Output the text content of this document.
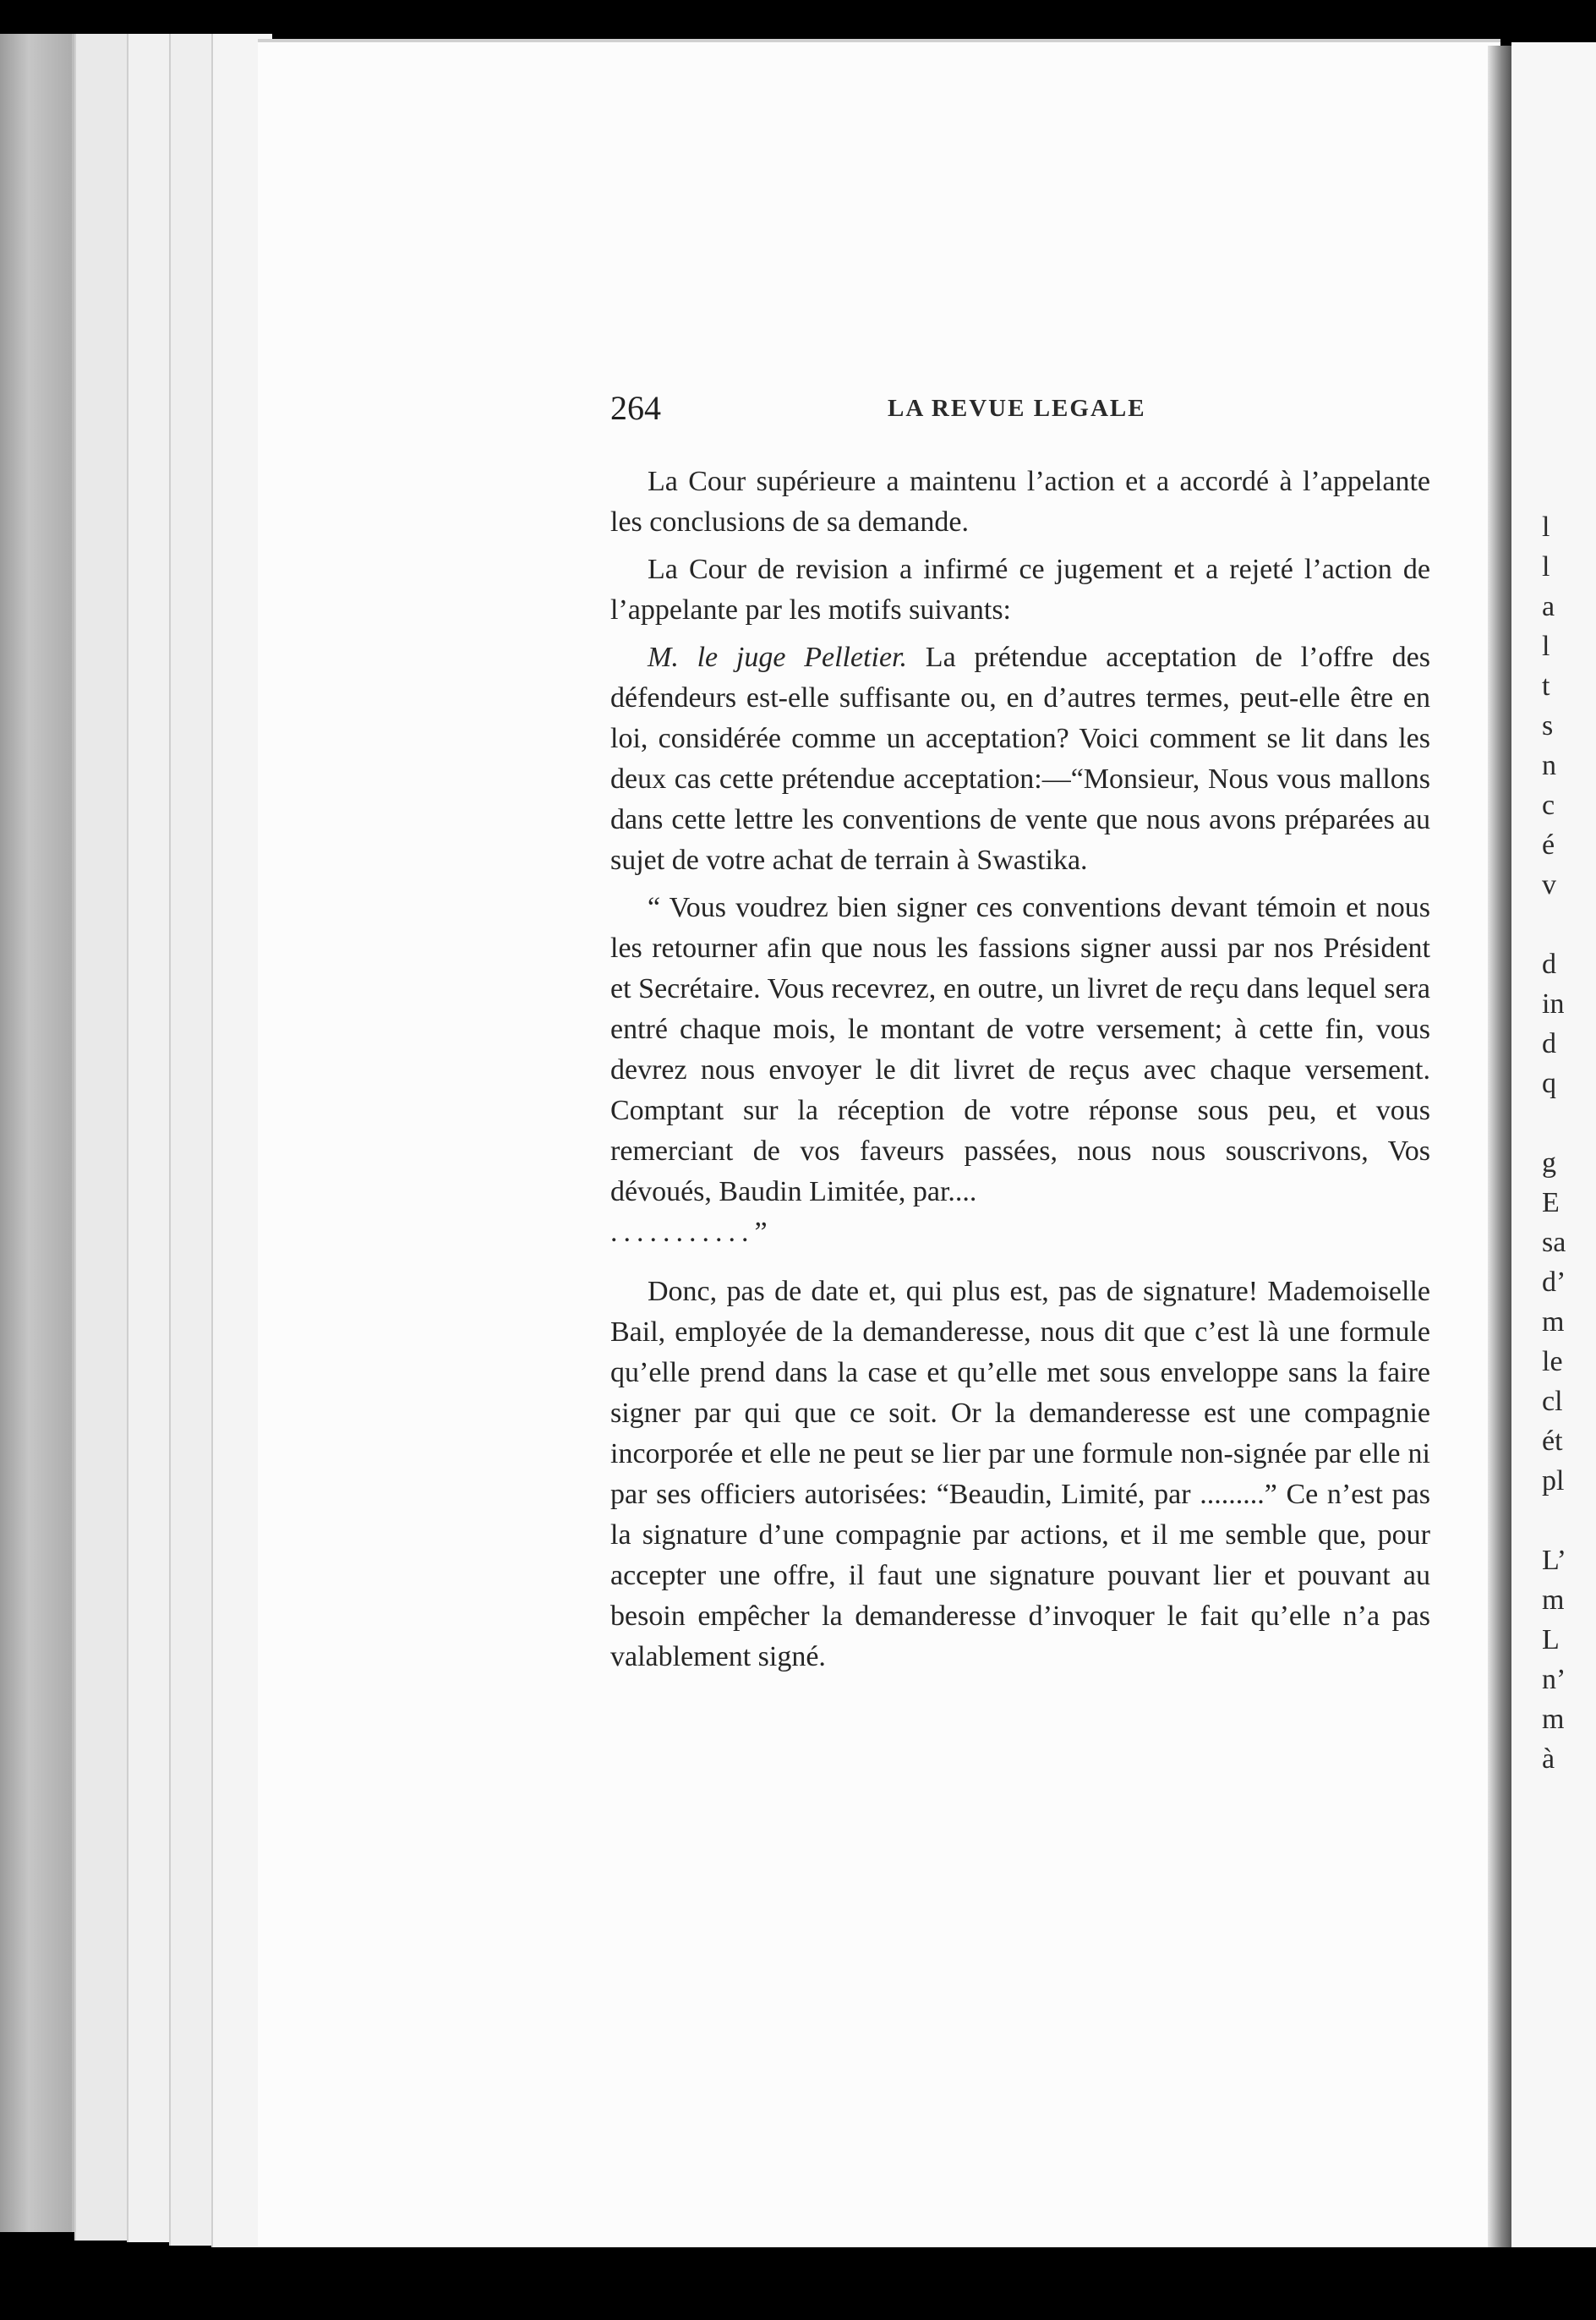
264	LA REVUE LEGALE

La Cour supérieure a maintenu l’action et a accordé à l’appelante les conclusions de sa demande.

La Cour de revision a infirmé ce jugement et a rejeté l’action de l’appelante par les motifs suivants:

M. le juge Pelletier. La prétendue acceptation de l’offre des défendeurs est-elle suffisante ou, en d’autres termes, peut-elle être en loi, considérée comme un acceptation? Voici comment se lit dans les deux cas cette prétendue acceptation:—“Monsieur, Nous vous mallons dans cette lettre les conventions de vente que nous avons préparées au sujet de votre achat de terrain à Swastika.

“ Vous voudrez bien signer ces conventions devant témoin et nous les retourner afin que nous les fassions signer aussi par nos Président et Secrétaire. Vous recevrez, en outre, un livret de reçu dans lequel sera entré chaque mois, le montant de votre versement; à cette fin, vous devrez nous envoyer le dit livret de reçus avec chaque versement. Comptant sur la réception de votre réponse sous peu, et vous remerciant de vos faveurs passées, nous nous souscrivons, Vos dévoués, Baudin Limitée, par....
...........”

Donc, pas de date et, qui plus est, pas de signature! Mademoiselle Bail, employée de la demanderesse, nous dit que c’est là une formule qu’elle prend dans la case et qu’elle met sous enveloppe sans la faire signer par qui que ce soit. Or la demanderesse est une compagnie incorporée et elle ne peut se lier par une formule non-signée par elle ni par ses officiers autorisées: “Beaudin, Limité, par .........” Ce n’est pas la signature d’une compagnie par actions, et il me semble que, pour accepter une offre, il faut une signature pouvant lier et pouvant au besoin empêcher la demanderesse d’invoquer le fait qu’elle n’a pas valablement signé.

l
l
a
l
t
s
n
c
é
v
d
in
d
q
g
E
sa
d’
m
le
cl
ét
pl
L’
m
L
n’
m
à
